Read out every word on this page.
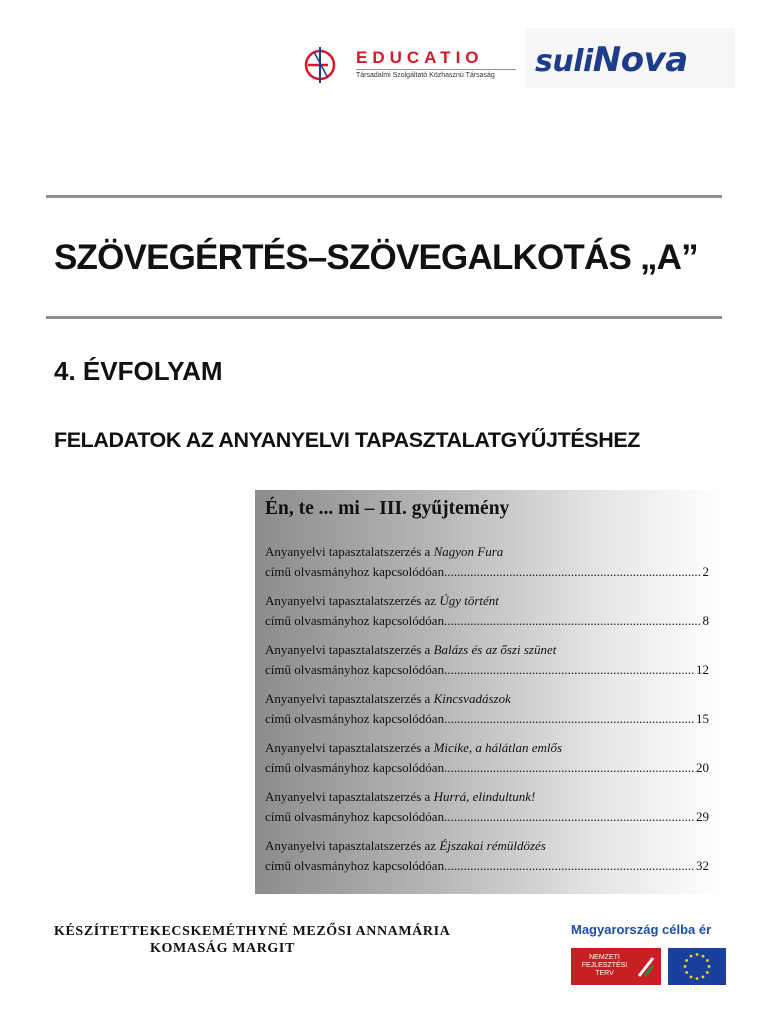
EDUCATIO
Társadalmi Szolgáltató Közhasznú Társaság suliNova
SZÖVEGÉRTÉS–SZÖVEGALKOTÁS „A”
4. ÉVFOLYAM
FELADATOK AZ ANYANYELVI TAPASZTALATGYŰJTÉSHEZ
Én, te ... mi – III. gyűjtemény
Anyanyelvi tapasztalatszerzés a Nagyon Fura
című olvasmányhoz kapcsolódóan .....	2
Anyanyelvi tapasztalatszerzés az Úgy történt
című olvasmányhoz kapcsolódóan .....	8
Anyanyelvi tapasztalatszerzés a Balázs és az őszi szünet
című olvasmányhoz kapcsolódóan .....	12
Anyanyelvi tapasztalatszerzés a Kincsvadászok
című olvasmányhoz kapcsolódóan .....	15
Anyanyelvi tapasztalatszerzés a Micike, a hálátlan emlős
című olvasmányhoz kapcsolódóan .....	20
Anyanyelvi tapasztalatszerzés a Hurrá, elindultunk!
című olvasmányhoz kapcsolódóan .....	29
Anyanyelvi tapasztalatszerzés az Éjszakai rémüldözés
című olvasmányhoz kapcsolódóan .....	32
KÉSZÍTETTE:
KECSKEMÉTHYNÉ MEZŐSI ANNAMÁRIA
KOMASÁG MARGIT
Magyarország célba ér
NEMZETI FEJLESZTÉSI TERV
